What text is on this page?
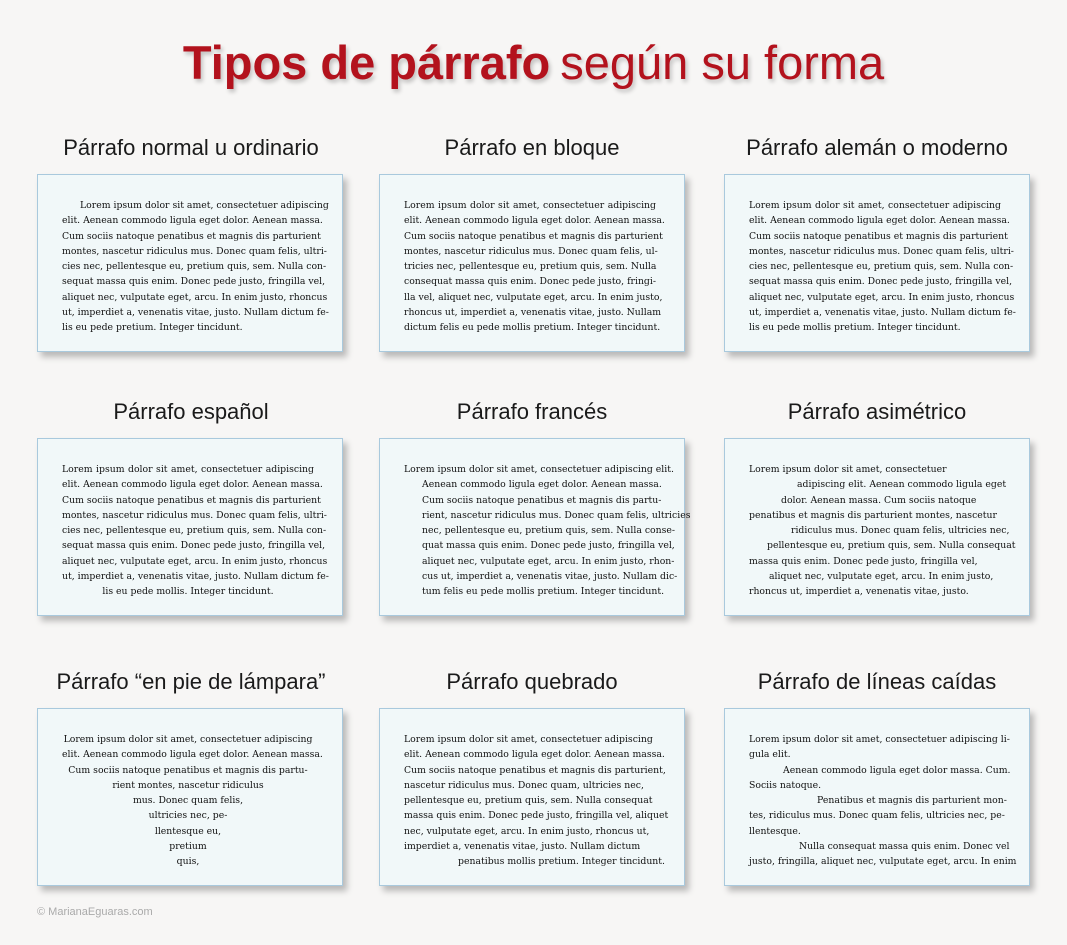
Tipos de párrafo según su forma
Párrafo normal u ordinario
Lorem ipsum dolor sit amet, consectetuer adipiscing
elit. Aenean commodo ligula eget dolor. Aenean massa.
Cum sociis natoque penatibus et magnis dis parturient
montes, nascetur ridiculus mus. Donec quam felis, ultri-
cies nec, pellentesque eu, pretium quis, sem. Nulla con-
sequat massa quis enim. Donec pede justo, fringilla vel,
aliquet nec, vulputate eget, arcu. In enim justo, rhoncus
ut, imperdiet a, venenatis vitae, justo. Nullam dictum fe-
lis eu pede pretium. Integer tincidunt.
Párrafo en bloque
Lorem ipsum dolor sit amet, consectetuer adipiscing
elit. Aenean commodo ligula eget dolor. Aenean massa.
Cum sociis natoque penatibus et magnis dis parturient
montes, nascetur ridiculus mus. Donec quam felis, ul-
tricies nec, pellentesque eu, pretium quis, sem. Nulla
consequat massa quis enim. Donec pede justo, fringi-
lla vel, aliquet nec, vulputate eget, arcu. In enim justo,
rhoncus ut, imperdiet a, venenatis vitae, justo. Nullam
dictum felis eu pede mollis pretium. Integer tincidunt.
Párrafo alemán o moderno
Lorem ipsum dolor sit amet, consectetuer adipiscing
elit. Aenean commodo ligula eget dolor. Aenean massa.
Cum sociis natoque penatibus et magnis dis parturient
montes, nascetur ridiculus mus. Donec quam felis, ultri-
cies nec, pellentesque eu, pretium quis, sem. Nulla con-
sequat massa quis enim. Donec pede justo, fringilla vel,
aliquet nec, vulputate eget, arcu. In enim justo, rhoncus
ut, imperdiet a, venenatis vitae, justo. Nullam dictum fe-
lis eu pede mollis pretium. Integer tincidunt.
Párrafo español
Lorem ipsum dolor sit amet, consectetuer adipiscing
elit. Aenean commodo ligula eget dolor. Aenean massa.
Cum sociis natoque penatibus et magnis dis parturient
montes, nascetur ridiculus mus. Donec quam felis, ultri-
cies nec, pellentesque eu, pretium quis, sem. Nulla con-
sequat massa quis enim. Donec pede justo, fringilla vel,
aliquet nec, vulputate eget, arcu. In enim justo, rhoncus
ut, imperdiet a, venenatis vitae, justo. Nullam dictum fe-
lis eu pede mollis. Integer tincidunt.
Párrafo francés
Lorem ipsum dolor sit amet, consectetuer adipiscing elit.
Aenean commodo ligula eget dolor. Aenean massa.
Cum sociis natoque penatibus et magnis dis partu-
rient, nascetur ridiculus mus. Donec quam felis, ultricies
nec, pellentesque eu, pretium quis, sem. Nulla conse-
quat massa quis enim. Donec pede justo, fringilla vel,
aliquet nec, vulputate eget, arcu. In enim justo, rhon-
cus ut, imperdiet a, venenatis vitae, justo. Nullam dic-
tum felis eu pede mollis pretium. Integer tincidunt.
Párrafo asimétrico
Lorem ipsum dolor sit amet, consectetuer
adipiscing elit. Aenean commodo ligula eget
dolor. Aenean massa. Cum sociis natoque
penatibus et magnis dis parturient montes, nascetur
ridiculus mus. Donec quam felis, ultricies nec,
pellentesque eu, pretium quis, sem. Nulla consequat
massa quis enim. Donec pede justo, fringilla vel,
aliquet nec, vulputate eget, arcu. In enim justo,
rhoncus ut, imperdiet a, venenatis vitae, justo.
Párrafo “en pie de lámpara”
Lorem ipsum dolor sit amet, consectetuer adipiscing
elit. Aenean commodo ligula eget dolor. Aenean massa.
Cum sociis natoque penatibus et magnis dis partu-
rient montes, nascetur ridiculus
mus. Donec quam felis,
ultricies nec, pe-
llentesque eu,
pretium
quis,
Párrafo quebrado
Lorem ipsum dolor sit amet, consectetuer adipiscing
elit. Aenean commodo ligula eget dolor. Aenean massa.
Cum sociis natoque penatibus et magnis dis parturient,
nascetur ridiculus mus. Donec quam, ultricies nec,
pellentesque eu, pretium quis, sem. Nulla consequat
massa quis enim. Donec pede justo, fringilla vel, aliquet
nec, vulputate eget, arcu. In enim justo, rhoncus ut,
imperdiet a, venenatis vitae, justo. Nullam dictum
penatibus mollis pretium. Integer tincidunt.
Párrafo de líneas caídas
Lorem ipsum dolor sit amet, consectetuer adipiscing li-
gula elit.
Aenean commodo ligula eget dolor massa. Cum.
Sociis natoque.
Penatibus et magnis dis parturient mon-
tes, ridiculus mus. Donec quam felis, ultricies nec, pe-
llentesque.
Nulla consequat massa quis enim. Donec vel
justo, fringilla, aliquet nec, vulputate eget, arcu. In enim
© MarianaEguaras.com
